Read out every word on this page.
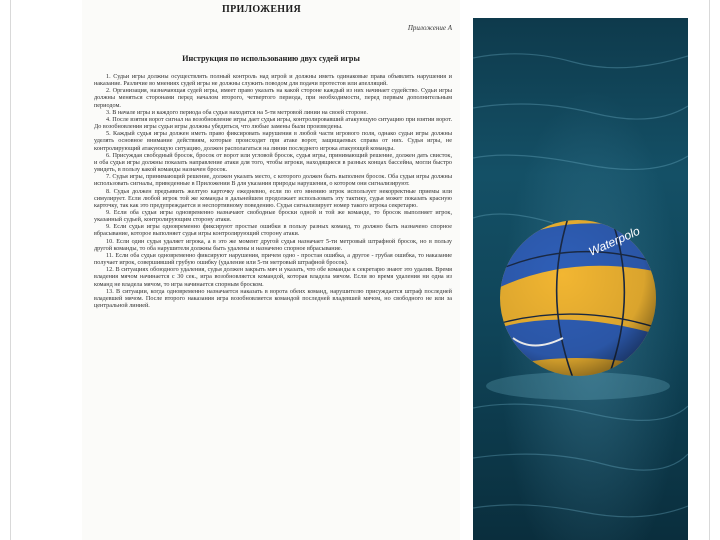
ПРИЛОЖЕНИЯ
Приложение А
Инструкция по использованию двух судей игры

1. Судьи игры должны осуществлять полный контроль над игрой и должны иметь одинаковые права объявлять нарушения и наказание. Различие во мнениях судей игры не должны служить поводом для подачи протестов или апелляций.

2. Организация, назначающая судей игры, имеет право указать на какой стороне каждый из них начинает судейство. Судьи игры должны меняться сторонами перед началом второго, четвертого периода, при необходимости, перед первым дополнительным периодом.

3. В начале игры и каждого периода оба судьи находятся на 5-ти метровой линии на своей стороне.

4. После взятия ворот сигнал на возобновление игры дает судья игры, контролировавший атакующую ситуацию при взятии ворот. До возобновления игры судьи игры должны убедиться, что любые замены были произведены.

5. Каждый судья игры должен иметь право фиксировать нарушения в любой части игрового поля, однако судьи игры должны уделять основное внимание действиям, которые происходят при атаке ворот, защищаемых справа от них. Судья игры, не контролирующий атакующую ситуацию, должен располагаться на линии последнего игрока атакующей команды.

6. Присуждая свободный бросок, бросок от ворот или угловой бросок, судья игры, принимающий решение, должен дать свисток, и оба судьи игры должны показать направление атаки для того, чтобы игроки, находящиеся в разных концах бассейна, могли быстро увидеть, в пользу какой команды назначен бросок.

7. Судья игры, принимающий решение, должен указать место, с которого должен быть выполнен бросок. Оба судьи игры должны использовать сигналы, приведенные в Приложении В для указания природы нарушения, о котором они сигнализируют.

8. Судья должен предъявить желтую карточку ежедневно, если по его мнению игрок использует некорректные приемы или симулирует. Если любой игрок той же команды в дальнейшем продолжает использовать эту тактику, судья может показать красную карточку, так как это предупреждается и неспортивному поведению. Судья сигнализирует номер такого игрока секретарю.

9. Если оба судьи игры одновременно назначают свободные броски одной и той же команде, то бросок выполняет игрок, указанный судьей, контролирующим сторону атаки.

9. Если судьи игры одновременно фиксируют простые ошибки в пользу разных команд, то должно быть назначено спорное вбрасывание, которое выполняет судья игры контролирующий сторону атаки.

10. Если один судья удаляет игрока, а в это же момент другой судья назначает 5-ти метровый штрафной бросок, но в пользу другой команды, то оба нарушителя должны быть удалены и назначено спорное вбрасывание.

11. Если оба судьи одновременно фиксируют нарушения, причем одно - простая ошибка, а другое - грубая ошибка, то наказание получает игрок, совершивший грубую ошибку (удаление или 5-ти метровый штрафной бросок).

12. В ситуациях обоюдного удаления, судья должен закрыть мяч и указать, что обе команды к секретарю знают это удалив. Время владения мячом начинается с 30 сек., игра возобновляется командой, которая владела мячом. Если во время удаления ни одна из команд не владела мячом, то игра начинается спорным броском.

13. В ситуации, когда одновременно назначается наказать в ворота обеих команд, нарушителю присуждается штраф последней владевшей мячом. После второго наказания игра возобновляется командой последней владевшей мячом, но свободного не или за центральной линией.

Waterpolo
